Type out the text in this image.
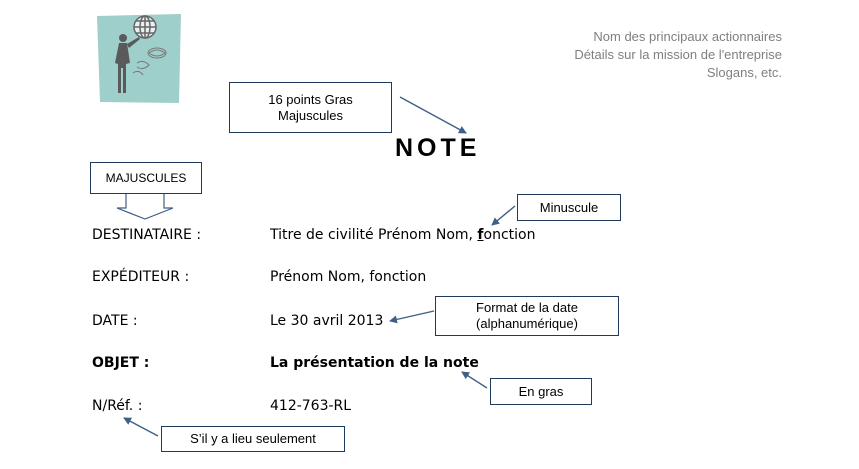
Nom des principaux actionnaires
Détails sur la mission de l'entreprise
Slogans, etc.
16 points Gras
Majuscules
NOTE
MAJUSCULES
Minuscule
Format de la date
(alphanumérique)
En gras
S’il y a lieu seulement
DESTINATAIRE :
EXPÉDITEUR :
DATE :
OBJET :
N/Réf. :
Titre de civilité Prénom Nom, fonction
Prénom Nom, fonction
Le 30 avril 2013
La présentation de la note
412-763-RL
